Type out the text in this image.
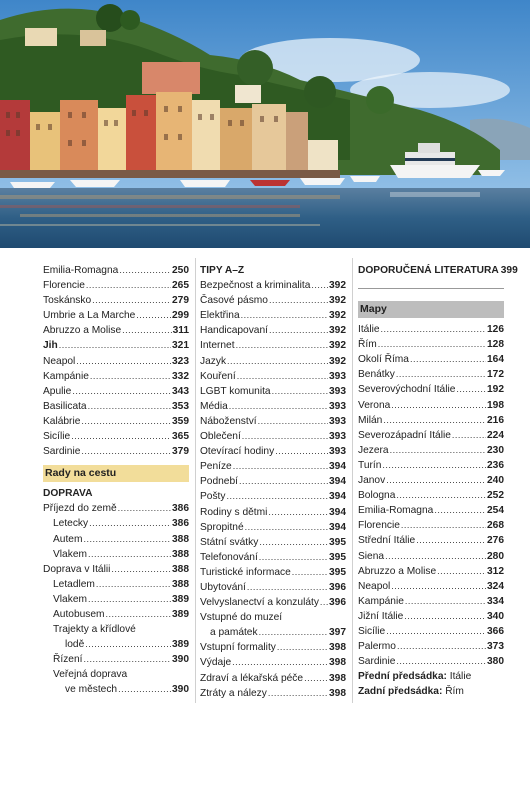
Emilia-Romagna .....	250
Florencie .....	265
Toskánsko .....	279
Umbrie a La Marche .....	299
Abruzzo a Molise .....	311
Jih .....	321
Neapol .....	323
Kampánie .....	332
Apulie .....	343
Basilicata .....	353
Kalábrie .....	359
Sicílie .....	365
Sardinie .....	379
Rady na cestu
DOPRAVA
Příjezd do země .....	386
Letecky .....	386
Autem .....	388
Vlakem .....	388
Doprava v Itálii .....	388
Letadlem .....	388
Vlakem .....	389
Autobusem .....	389
Trajekty a křídlové
lodě .....	389
Řízení .....	390
Veřejná doprava
ve městech .....	390
TIPY A–Z
Bezpečnost a kriminalita ..... 392
Časové pásmo .....	392
Elektřina .....	392
Handicapovaní .....	392
Internet .....	392
Jazyk .....	392
Kouření .....	393
LGBT komunita .....	393
Média .....	393
Náboženství .....	393
Oblečení .....	393
Otevírací hodiny .....	393
Peníze .....	394
Podnebí .....	394
Pošty .....	394
Rodiny s dětmi .....	394
Spropitné .....	394
Státní svátky .....	395
Telefonování .....	395
Turistické informace .....	395
Ubytování .....	396
Velvyslanectví a konzuláty ..... 396
Vstupné do muzeí
a památek .....	397
Vstupní formality .....	398
Výdaje .....	398
Zdraví a lékařská péče .....	398
Ztráty a nálezy .....	398
DOPORUČENÁ LITERATURA 399
Mapy
Itálie .....	126
Řím .....	128
Okolí Říma .....	164
Benátky .....	172
Severovýchodní Itálie .....	192
Verona .....	198
Milán .....	216
Severozápadní Itálie .....	224
Jezera .....	230
Turín .....	236
Janov .....	240
Bologna .....	252
Emilia-Romagna .....	254
Florencie .....	268
Střední Itálie .....	276
Siena .....	280
Abruzzo a Molise .....	312
Neapol .....	324
Kampánie .....	334
Jižní Itálie .....	340
Sicílie .....	366
Palermo .....	373
Sardinie .....	380
Přední předsádka: Itálie
Zadní předsádka: Řím
